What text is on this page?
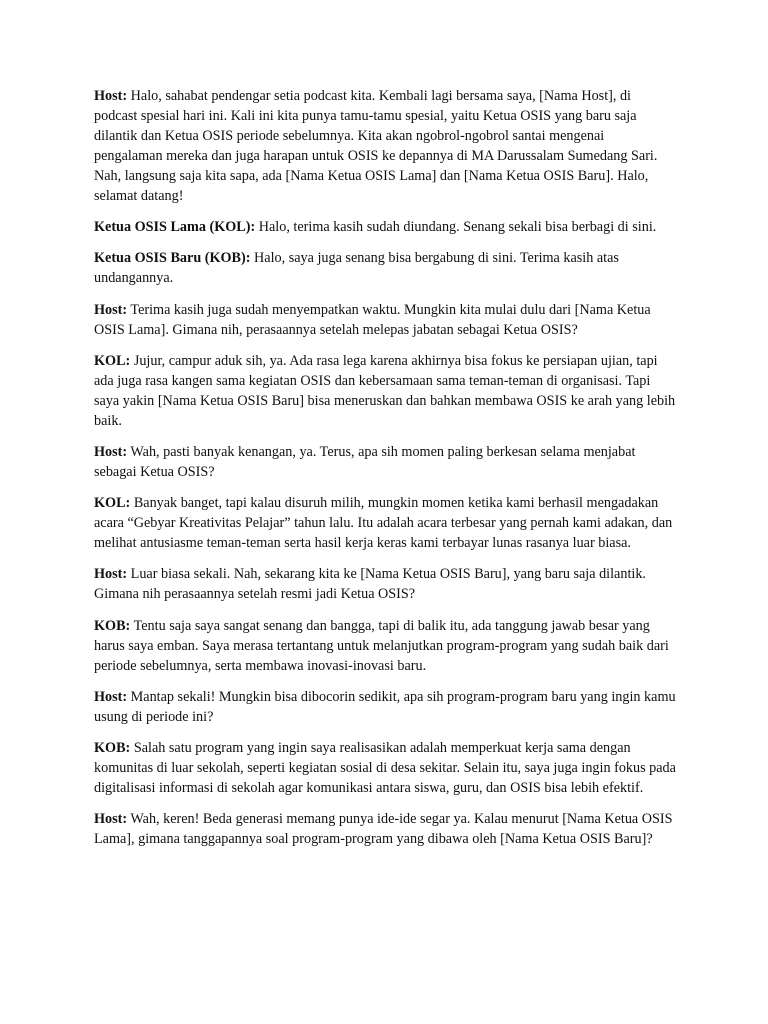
Host: Halo, sahabat pendengar setia podcast kita. Kembali lagi bersama saya, [Nama Host], di podcast spesial hari ini. Kali ini kita punya tamu-tamu spesial, yaitu Ketua OSIS yang baru saja dilantik dan Ketua OSIS periode sebelumnya. Kita akan ngobrol-ngobrol santai mengenai pengalaman mereka dan juga harapan untuk OSIS ke depannya di MA Darussalam Sumedang Sari. Nah, langsung saja kita sapa, ada [Nama Ketua OSIS Lama] dan [Nama Ketua OSIS Baru]. Halo, selamat datang!

Ketua OSIS Lama (KOL): Halo, terima kasih sudah diundang. Senang sekali bisa berbagi di sini.

Ketua OSIS Baru (KOB): Halo, saya juga senang bisa bergabung di sini. Terima kasih atas undangannya.

Host: Terima kasih juga sudah menyempatkan waktu. Mungkin kita mulai dulu dari [Nama Ketua OSIS Lama]. Gimana nih, perasaannya setelah melepas jabatan sebagai Ketua OSIS?

KOL: Jujur, campur aduk sih, ya. Ada rasa lega karena akhirnya bisa fokus ke persiapan ujian, tapi ada juga rasa kangen sama kegiatan OSIS dan kebersamaan sama teman-teman di organisasi. Tapi saya yakin [Nama Ketua OSIS Baru] bisa meneruskan dan bahkan membawa OSIS ke arah yang lebih baik.

Host: Wah, pasti banyak kenangan, ya. Terus, apa sih momen paling berkesan selama menjabat sebagai Ketua OSIS?

KOL: Banyak banget, tapi kalau disuruh milih, mungkin momen ketika kami berhasil mengadakan acara “Gebyar Kreativitas Pelajar” tahun lalu. Itu adalah acara terbesar yang pernah kami adakan, dan melihat antusiasme teman-teman serta hasil kerja keras kami terbayar lunas rasanya luar biasa.

Host: Luar biasa sekali. Nah, sekarang kita ke [Nama Ketua OSIS Baru], yang baru saja dilantik. Gimana nih perasaannya setelah resmi jadi Ketua OSIS?

KOB: Tentu saja saya sangat senang dan bangga, tapi di balik itu, ada tanggung jawab besar yang harus saya emban. Saya merasa tertantang untuk melanjutkan program-program yang sudah baik dari periode sebelumnya, serta membawa inovasi-inovasi baru.

Host: Mantap sekali! Mungkin bisa dibocorin sedikit, apa sih program-program baru yang ingin kamu usung di periode ini?

KOB: Salah satu program yang ingin saya realisasikan adalah memperkuat kerja sama dengan komunitas di luar sekolah, seperti kegiatan sosial di desa sekitar. Selain itu, saya juga ingin fokus pada digitalisasi informasi di sekolah agar komunikasi antara siswa, guru, dan OSIS bisa lebih efektif.

Host: Wah, keren! Beda generasi memang punya ide-ide segar ya. Kalau menurut [Nama Ketua OSIS Lama], gimana tanggapannya soal program-program yang dibawa oleh [Nama Ketua OSIS Baru]?
